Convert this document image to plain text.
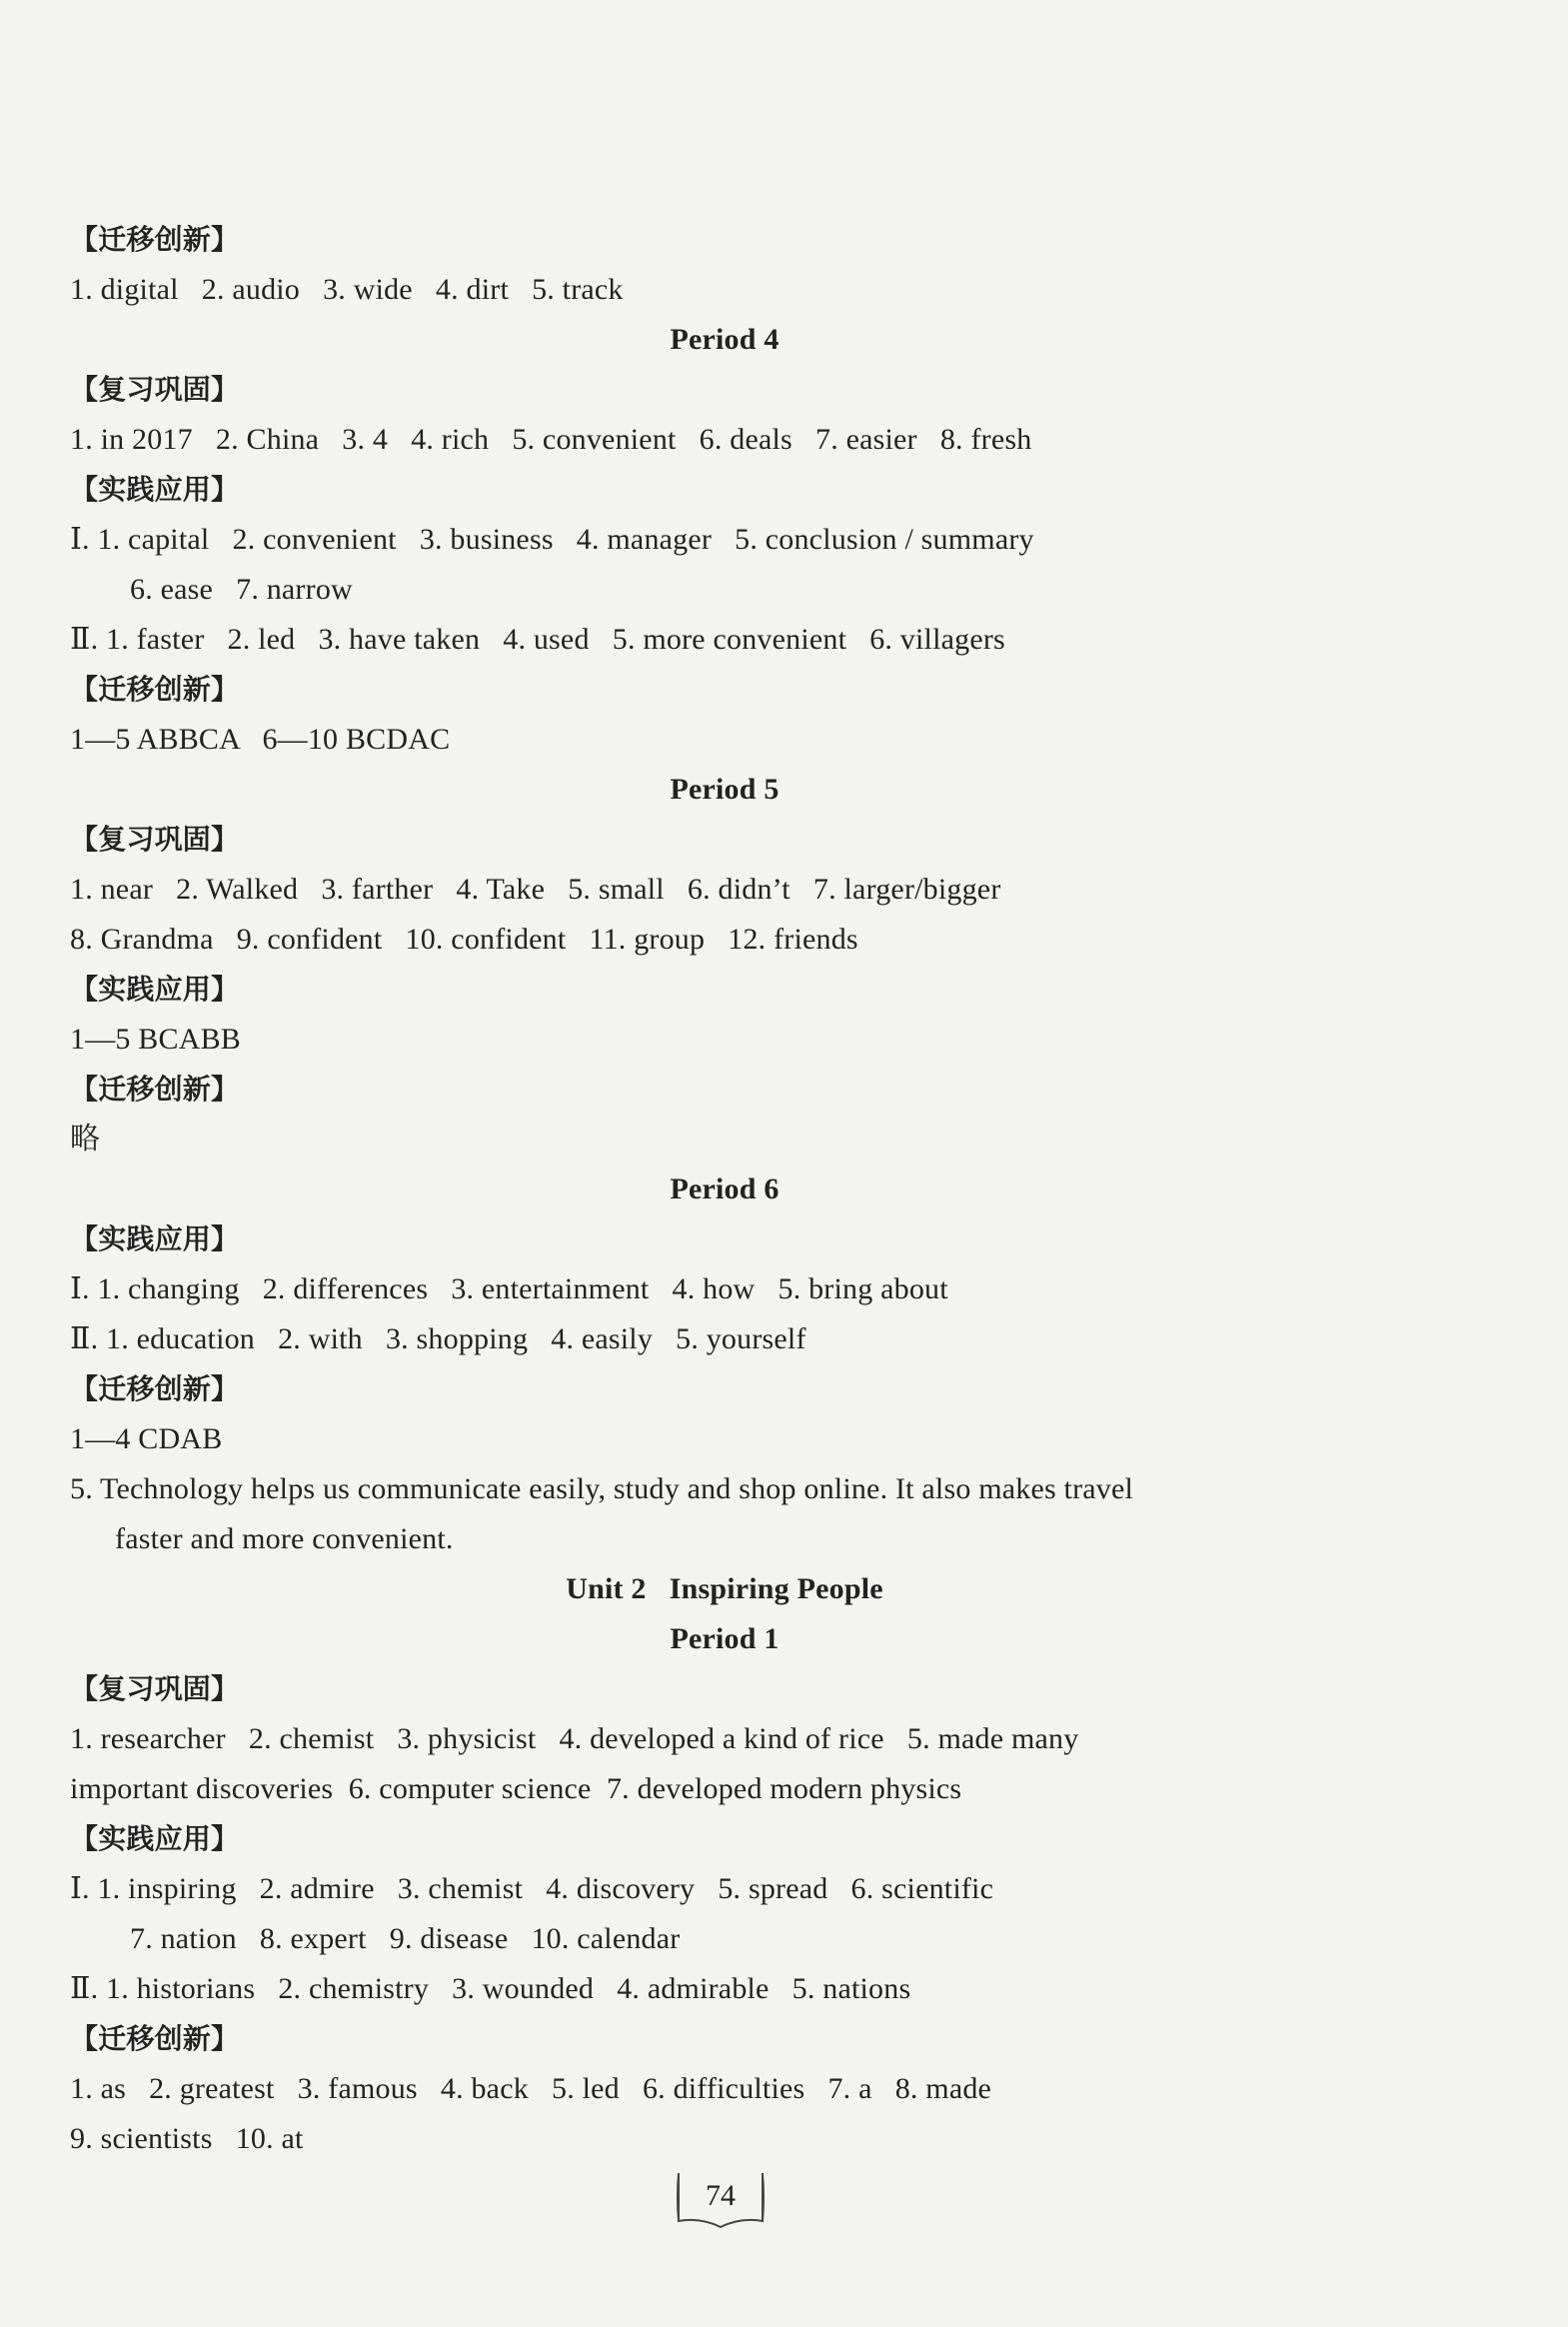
【迁移创新】
1. digital   2. audio   3. wide   4. dirt   5. track
Period 4
【复习巩固】
1. in 2017   2. China   3. 4   4. rich   5. convenient   6. deals   7. easier   8. fresh
【实践应用】
Ⅰ. 1. capital   2. convenient   3. business   4. manager   5. conclusion / summary
6. ease   7. narrow
Ⅱ. 1. faster   2. led   3. have taken   4. used   5. more convenient   6. villagers
【迁移创新】
1—5 ABBCA   6—10 BCDAC
Period 5
【复习巩固】
1. near   2. Walked   3. farther   4. Take   5. small   6. didn’t   7. larger/bigger
8. Grandma   9. confident   10. confident   11. group   12. friends
【实践应用】
1—5 BCABB
【迁移创新】
略
Period 6
【实践应用】
Ⅰ. 1. changing   2. differences   3. entertainment   4. how   5. bring about
Ⅱ. 1. education   2. with   3. shopping   4. easily   5. yourself
【迁移创新】
1—4 CDAB
5. Technology helps us communicate easily, study and shop online. It also makes travel
faster and more convenient.
Unit 2   Inspiring People
Period 1
【复习巩固】
1. researcher   2. chemist   3. physicist   4. developed a kind of rice   5. made many
important discoveries  6. computer science  7. developed modern physics
【实践应用】
Ⅰ. 1. inspiring   2. admire   3. chemist   4. discovery   5. spread   6. scientific
7. nation   8. expert   9. disease   10. calendar
Ⅱ. 1. historians   2. chemistry   3. wounded   4. admirable   5. nations
【迁移创新】
1. as   2. greatest   3. famous   4. back   5. led   6. difficulties   7. a   8. made
9. scientists   10. at
74
